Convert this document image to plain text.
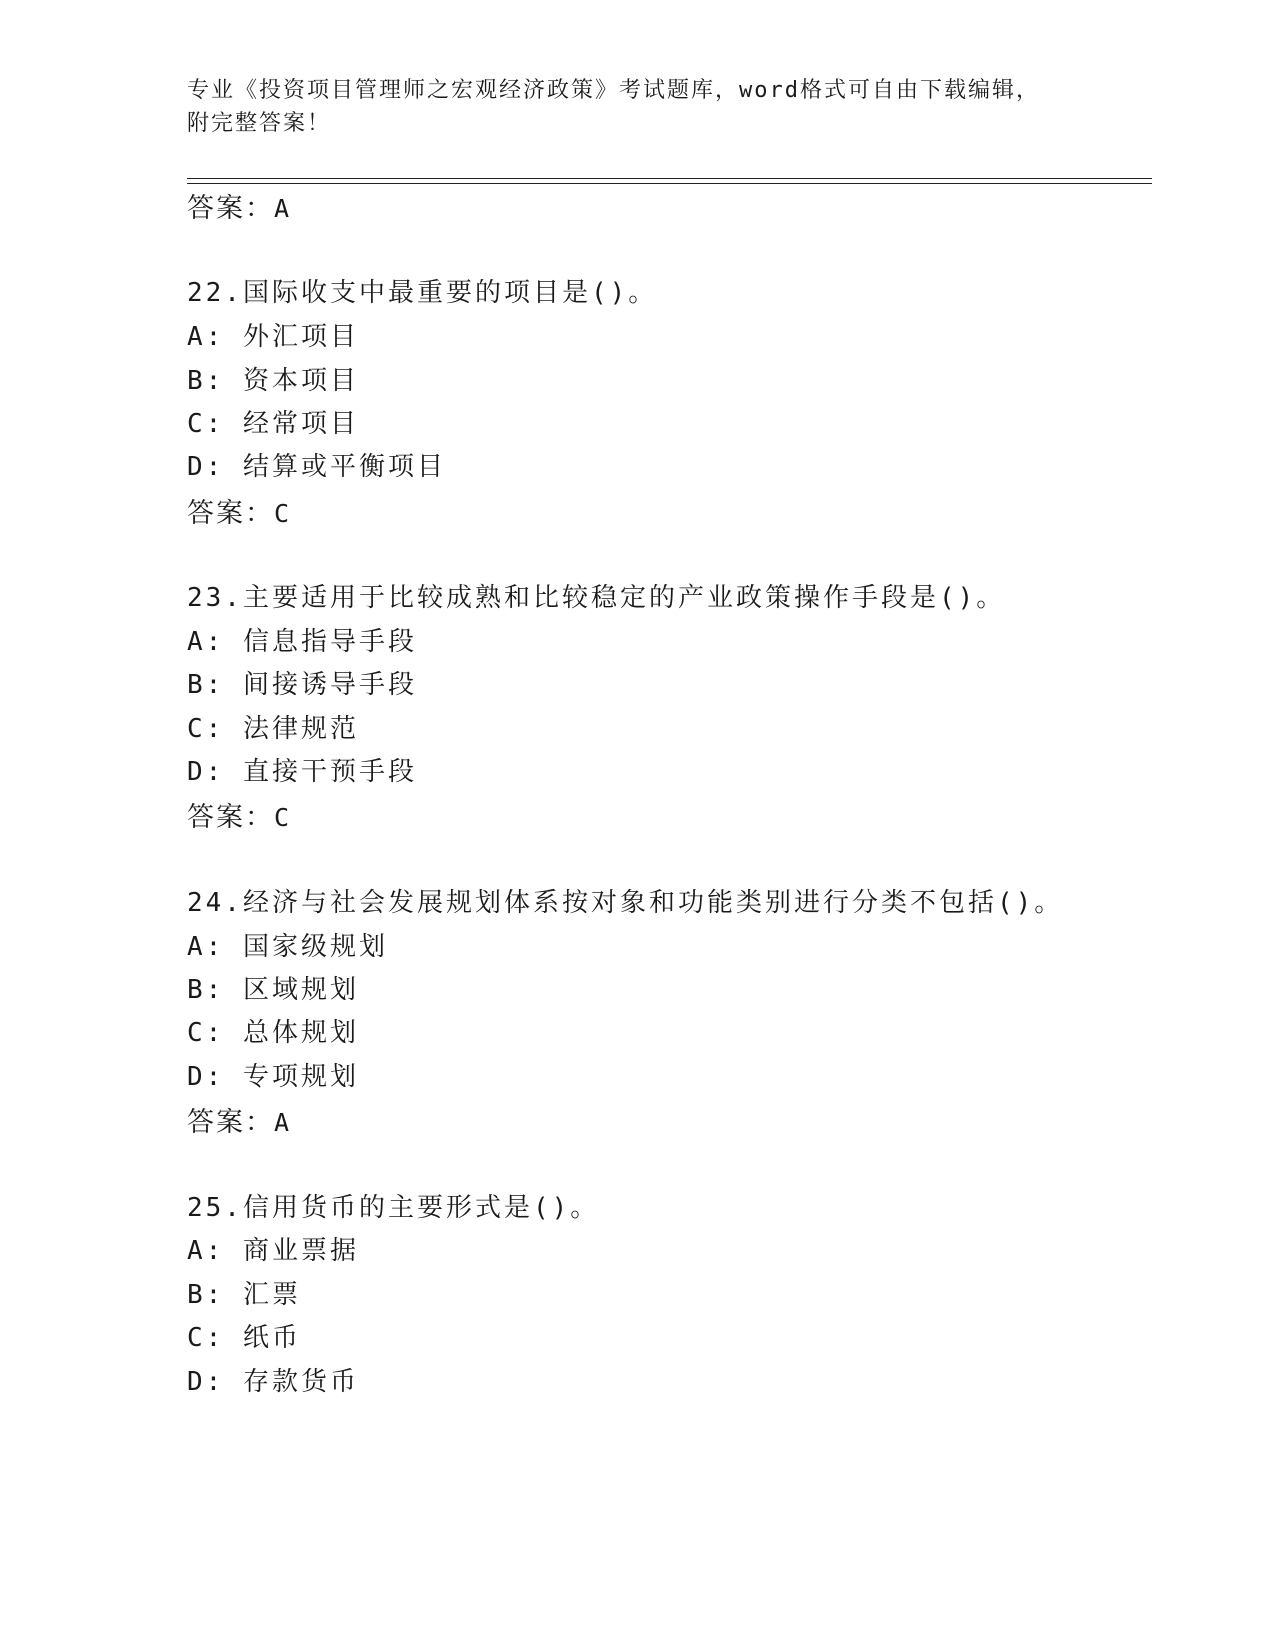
专业《投资项目管理师之宏观经济政策》考试题库，word格式可自由下载编辑，
附完整答案！
答案：A
22.国际收支中最重要的项目是()。
A: 外汇项目
B: 资本项目
C: 经常项目
D: 结算或平衡项目
答案：C
23.主要适用于比较成熟和比较稳定的产业政策操作手段是()。
A: 信息指导手段
B: 间接诱导手段
C: 法律规范
D: 直接干预手段
答案：C
24.经济与社会发展规划体系按对象和功能类别进行分类不包括()。
A: 国家级规划
B: 区域规划
C: 总体规划
D: 专项规划
答案：A
25.信用货币的主要形式是()。
A: 商业票据
B: 汇票
C: 纸币
D: 存款货币
